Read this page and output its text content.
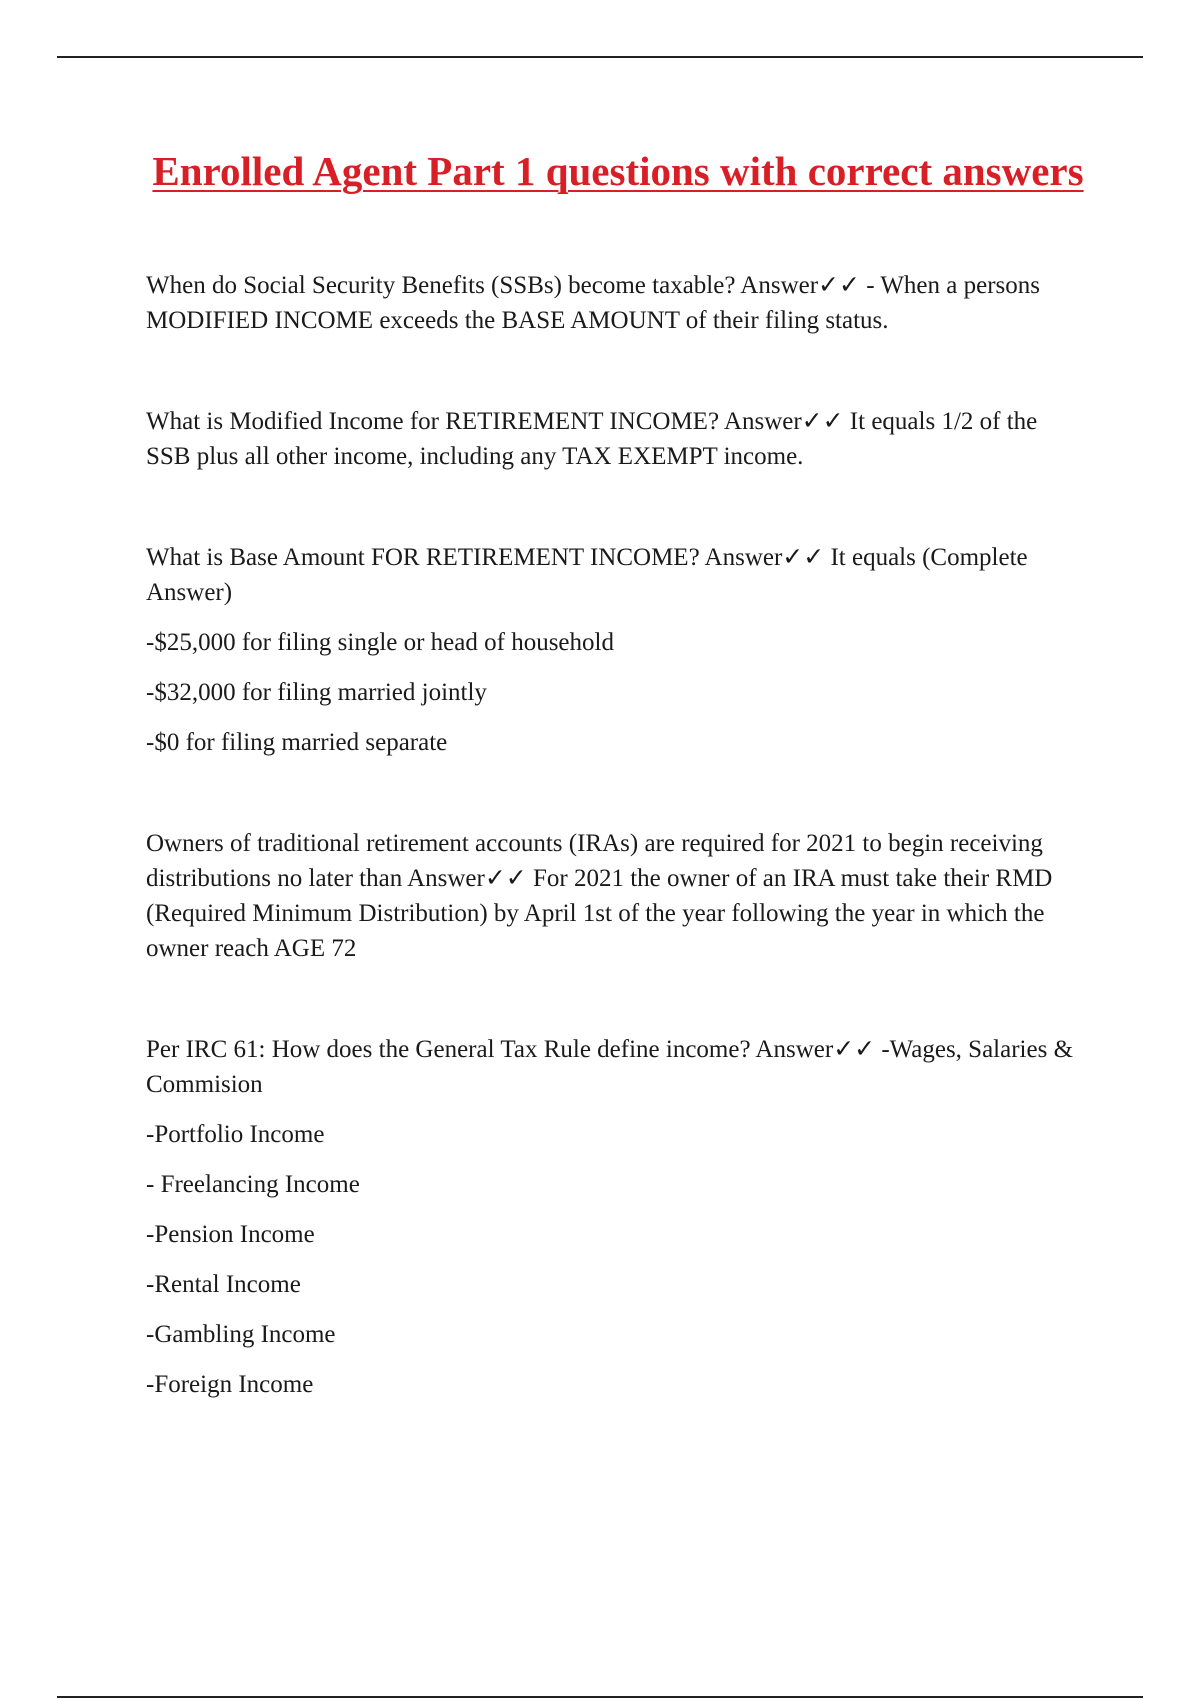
Enrolled Agent Part 1 questions with correct answers

When do Social Security Benefits (SSBs) become taxable? Answer✓✓ - When a persons MODIFIED INCOME exceeds the BASE AMOUNT of their filing status.

What is Modified Income for RETIREMENT INCOME? Answer✓✓ It equals 1/2 of the SSB plus all other income, including any TAX EXEMPT income.

What is Base Amount FOR RETIREMENT INCOME? Answer✓✓ It equals (Complete Answer)

-$25,000 for filing single or head of household
-$32,000 for filing married jointly
-$0 for filing married separate

Owners of traditional retirement accounts (IRAs) are required for 2021 to begin receiving distributions no later than Answer✓✓ For 2021 the owner of an IRA must take their RMD (Required Minimum Distribution) by April 1st of the year following the year in which the owner reach AGE 72

Per IRC 61: How does the General Tax Rule define income? Answer✓✓ -Wages, Salaries & Commision

-Portfolio Income
- Freelancing Income
-Pension Income
-Rental Income
-Gambling Income
-Foreign Income
